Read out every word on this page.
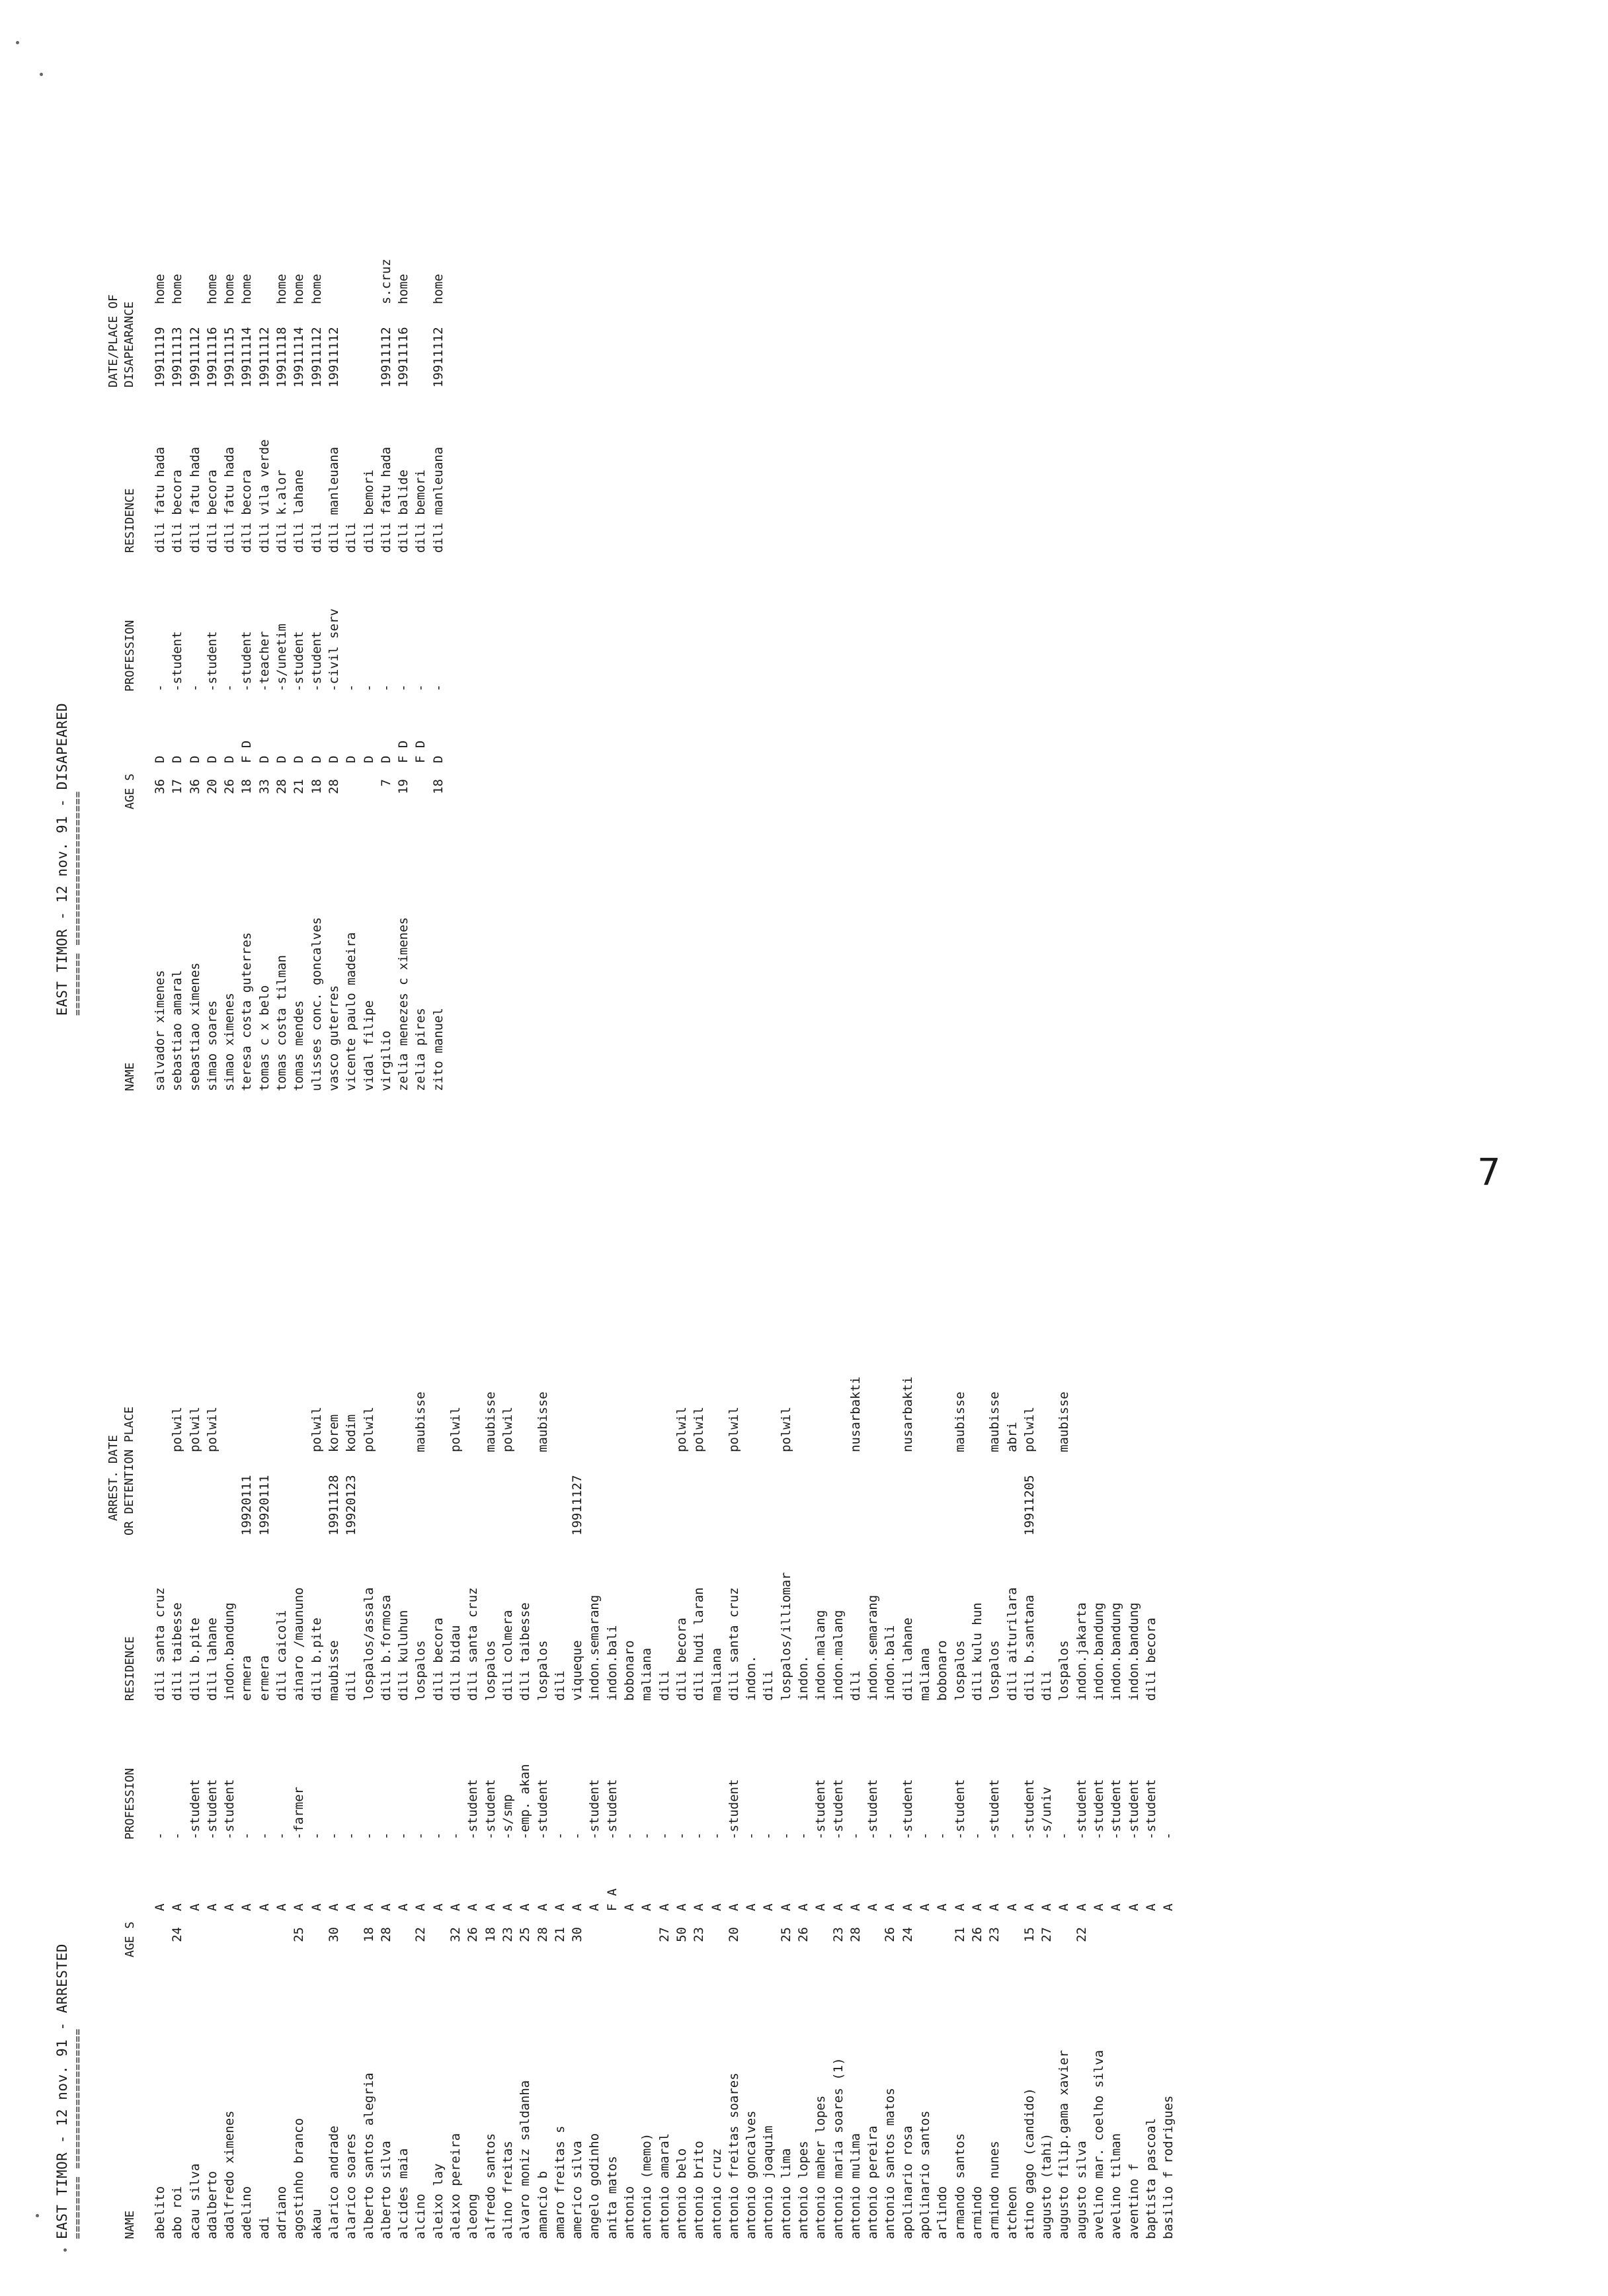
EAST TIMOR - 12 nov. 91 - ARRESTED ========= ====================	NAME
AGE S
PROFESSION
RESIDENCE
ARREST. DATE OR DETENTION PLACE
abelito
A
-
dili santa cruz
abo roi
24
A
-
dili taibesse
polwil
acau silva
A
-student
dili b.pite
polwil
adalberto
A
-student
dili lahane
polwil
adalfredo ximenes
A
-student
indon.bandung
adelino
A
-
ermera
19920111
adi
A
-
ermera
19920111
adriano
A
-
dili caicoli
agostinho branco
25
A
-farmer
ainaro /maununo
akau
A
-
dili b.pite
polwil
alarico andrade
30
A
-
maubisse
19911128
korem
alarico soares
A
-
dili
19920123
kodim
alberto santos alegria
18
A
-
lospalos/assala
polwil
alberto silva
28
A
-
dili b.formosa
alcides maia
A
-
dili kuluhun
alcino
22
A
-
lospalos
maubisse
aleixo lay
A
-
dili becora
aleixo pereira
32
A
-
dili bidau
polwil
aleong
26
A
-student
dili santa cruz
alfredo santos
18
A
-student
lospalos
maubisse
alino freitas
23
A
-s/smp
dili colmera
polwil
alvaro moniz saldanha
25
A
-emp. akan
dili taibesse
amancio b
28
A
-student
lospalos
maubisse
amaro freitas s
21
A
-
dili
americo silva
30
A
-
viqueque
19911127
angelo godinho
A
-student
indon.semarang
anita matos
F A
-student
indon.bali
antonio
A
-
bobonaro
antonio (memo)
A
-
maliana
antonio amaral
27
A
-
dili
antonio belo
50
A
-
dili becora
polwil
antonio brito
23
A
-
dili hudi laran
polwil
antonio cruz
A
-
maliana
antonio freitas soares
20
A
-student
dili santa cruz
polwil
antonio goncalves
A
-
indon.
antonio joaquim
A
-
dili
antonio lima
25
A
-
lospalos/illiomar
polwil
antonio lopes
26
A
-
indon.
antonio maher lopes
A
-student
indon.malang
antonio maria soares (1)
23
A
-student
indon.malang
antonio mulima
28
A
-
dili
nusarbakti
antonio pereira
A
-student
indon.semarang
antonio santos matos
26
A
-
indon.bali
apolinario rosa
24
A
-student
dili lahane
nusarbakti
apolinario santos
A
-
maliana
arlindo
A
-
bobonaro
armando santos
21
A
-student
lospalos
maubisse
armindo
26
A
-
dili kulu hun
armindo nunes
23
A
-student
lospalos
maubisse
atcheon
A
-
dili aiturilara
abri
atino gago (candido)
15
A
-student
dili b.santana
19911205
polwil
augusto (tahi)
27
A
-s/univ
dili
augusto filip.gama xavier
A
-
lospalos
maubisse
augusto silva
22
A
-student
indon.jakarta
avelino mar. coelho silva
A
-student
indon.bandung
avelino tilman
A
-student
indon.bandung
aventino f
A
-student
indon.bandung
baptista pascoal
A
-student
dili becora
basilio f rodrigues
A
-
7
EAST TIMOR - 12 nov. 91 - DISAPEARED ========= ======================
NAME
AGE S
PROFESSION
RESIDENCE
DATE/PLACE OF DISAPEARANCE
salvador ximenes
36
D
-
dili fatu hada
19911119
home
sebastiao amaral
17
D
-student
dili becora
19911113
home
sebastiao ximenes
36
D
-
dili fatu hada
19911112
simao soares
20
D
-student
dili becora
19911116
home
simao ximenes
26
D
-
dili fatu hada
19911115
home
teresa costa guterres
18
F D
-student
dili becora
19911114
home
tomas c x belo
33
D
-teacher
dili vila verde
19911112
tomas costa tilman
28
D
-s/unetim
dili k.alor
19911118
home
tomas mendes
21
D
-student
dili lahane
19911114
home
ulisses conc. goncalves
18
D
-student
dili
19911112
home
vasco guterres
28
D
-civil serv
dili manleuana
19911112
vicente paulo madeira
D
-
dili
vidal filipe
D
-
dili bemori
virgilio
7
D
-
dili fatu hada
19911112
s.cruz
zelia menezes c ximenes
19
F D
-
dili balide
19911116
home
zelia pires
F D
-
dili bemori
zito manuel
18
D
-
dili manleuana
19911112
home
